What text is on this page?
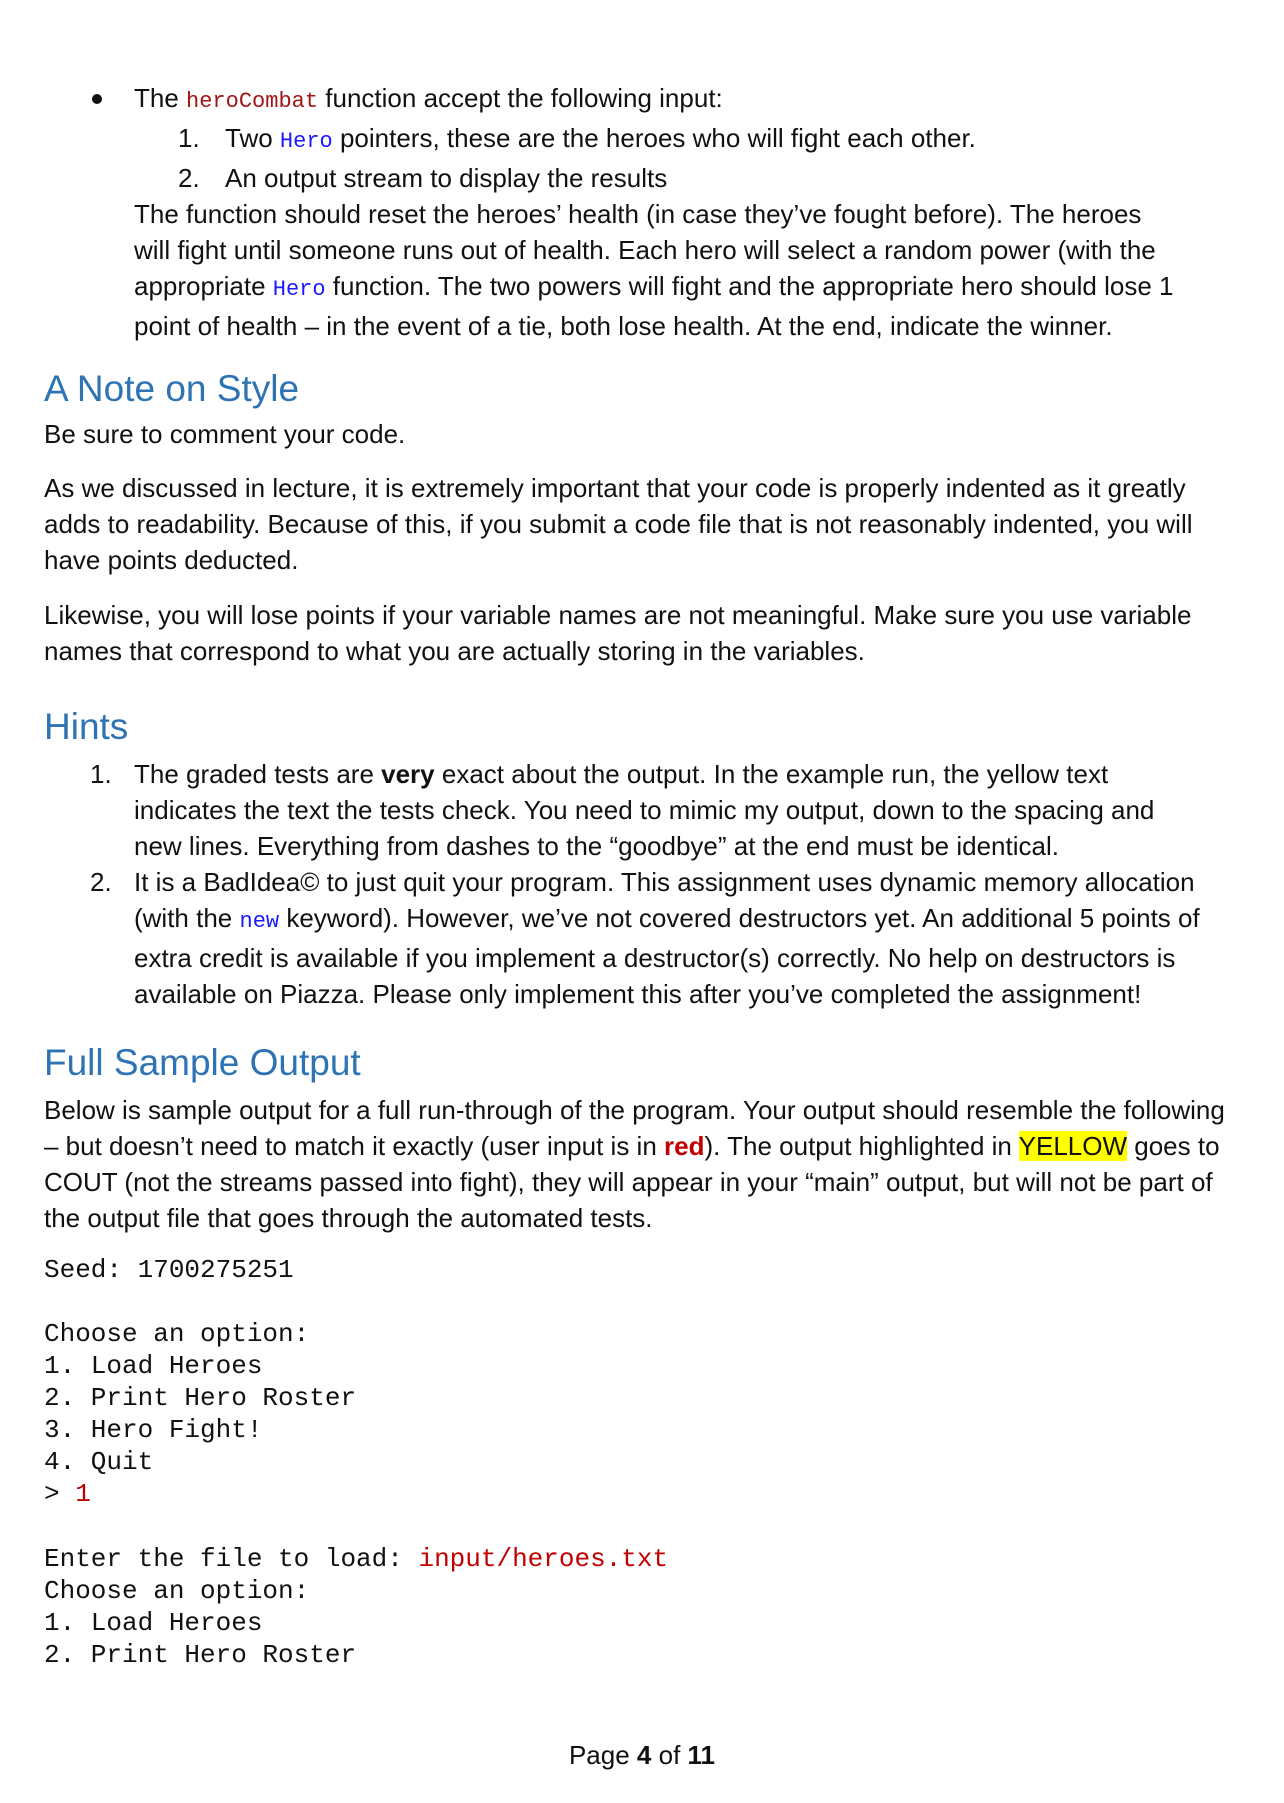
The heroCombat function accept the following input:
1. Two Hero pointers, these are the heroes who will fight each other.
2. An output stream to display the results
The function should reset the heroes’ health (in case they’ve fought before). The heroes will fight until someone runs out of health. Each hero will select a random power (with the appropriate Hero function. The two powers will fight and the appropriate hero should lose 1 point of health – in the event of a tie, both lose health. At the end, indicate the winner.
A Note on Style

Be sure to comment your code.

As we discussed in lecture, it is extremely important that your code is properly indented as it greatly adds to readability. Because of this, if you submit a code file that is not reasonably indented, you will have points deducted.

Likewise, you will lose points if your variable names are not meaningful. Make sure you use variable names that correspond to what you are actually storing in the variables.

Hints
1. The graded tests are very exact about the output. In the example run, the yellow text indicates the text the tests check. You need to mimic my output, down to the spacing and new lines. Everything from dashes to the “goodbye” at the end must be identical.
2. It is a BadIdea© to just quit your program. This assignment uses dynamic memory allocation (with the new keyword). However, we’ve not covered destructors yet. An additional 5 points of extra credit is available if you implement a destructor(s) correctly. No help on destructors is available on Piazza. Please only implement this after you’ve completed the assignment!
Full Sample Output

Below is sample output for a full run-through of the program. Your output should resemble the following – but doesn’t need to match it exactly (user input is in red). The output highlighted in YELLOW goes to COUT (not the streams passed into fight), they will appear in your “main” output, but will not be part of the output file that goes through the automated tests.

Seed: 1700275251
Choose an option:
1. Load Heroes
2. Print Hero Roster
3. Hero Fight!
4. Quit
> 1
Enter the file to load: input/heroes.txt
Choose an option:
1. Load Heroes
2. Print Hero Roster
Page 4 of 11
